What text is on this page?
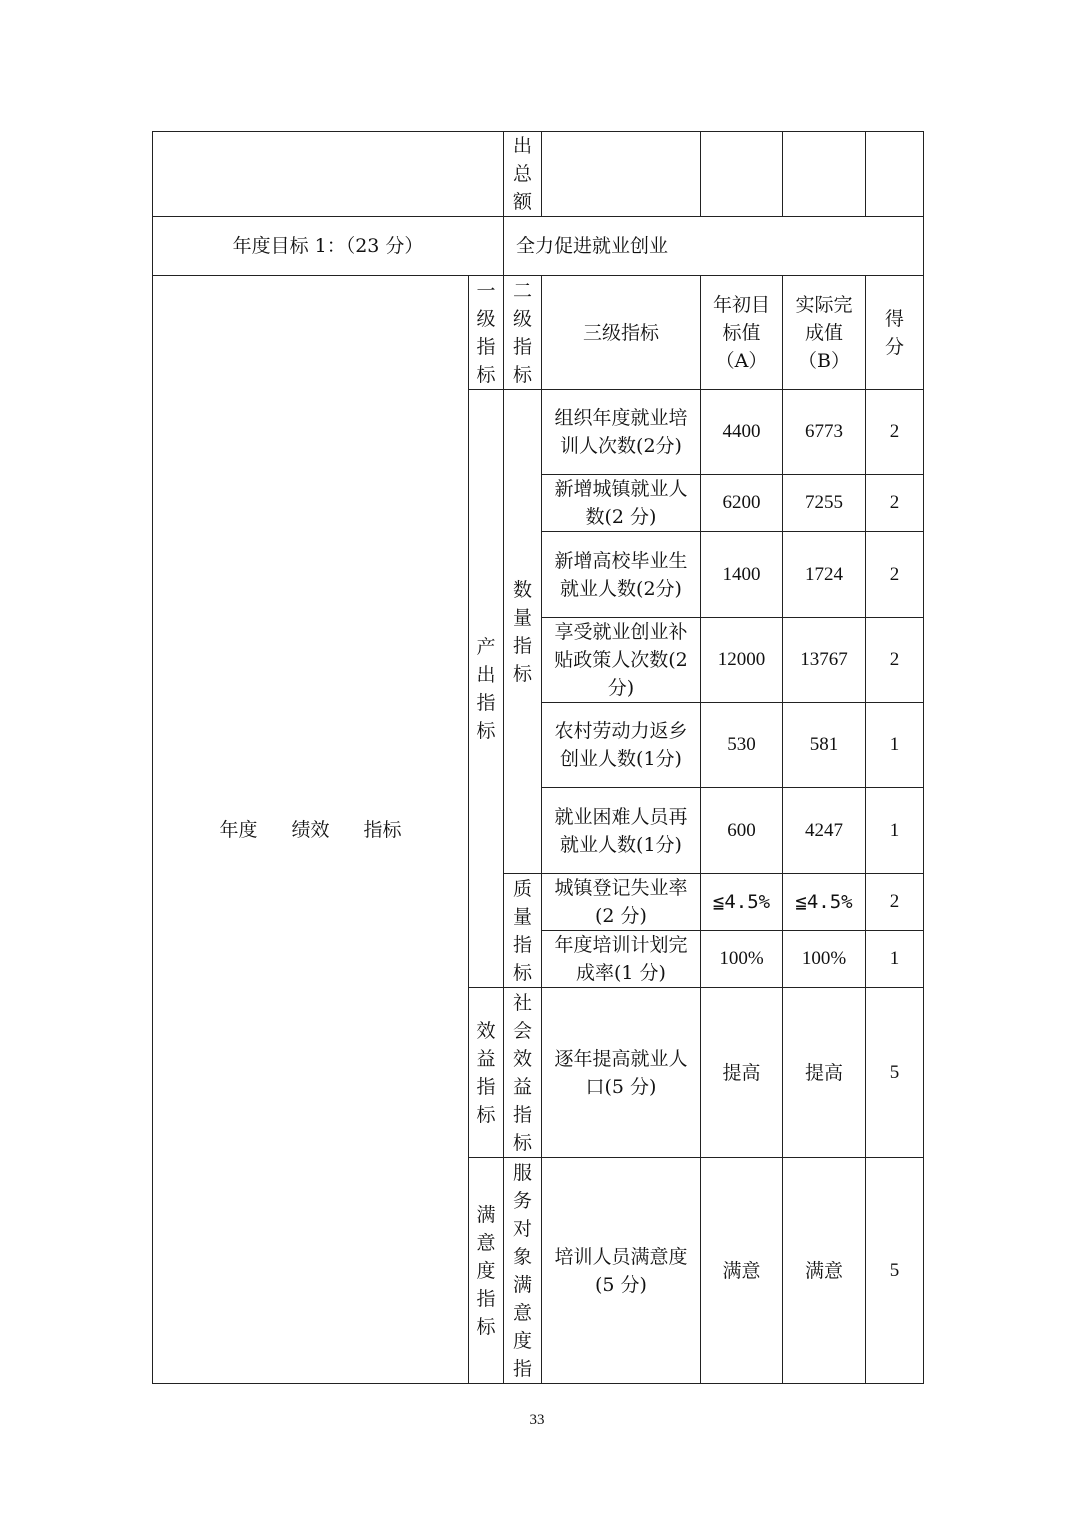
		出总额				

年度目标 1：（23 分）		全力促进就业创业				
年度 绩效 指标	一级指标	二级指标	三级指标	年初目标值（A）	实际完成值（B）	得分

	产出指标	数量指标	组织年度就业培训人次数(2分)	4400	6773	2

			新增城镇就业人数(2 分)	6200	7255	2

			新增高校毕业生就业人数(2分)	1400	1724	2

			享受就业创业补贴政策人次数(2 分)	12000	13767	2

			农村劳动力返乡创业人数(1分)	530	581	1

			就业困难人员再就业人数(1分)	600	4247	1

		质量指标	城镇登记失业率(2 分)	≦4.5%	≦4.5%	2

			年度培训计划完成率(1 分)	100%	100%	1

	效益指标	社会效益指标	逐年提高就业人口(5 分)	提高	提高	5

	满意度指标	服务对象满意度指	培训人员满意度(5 分)	满意	满意	5
33
